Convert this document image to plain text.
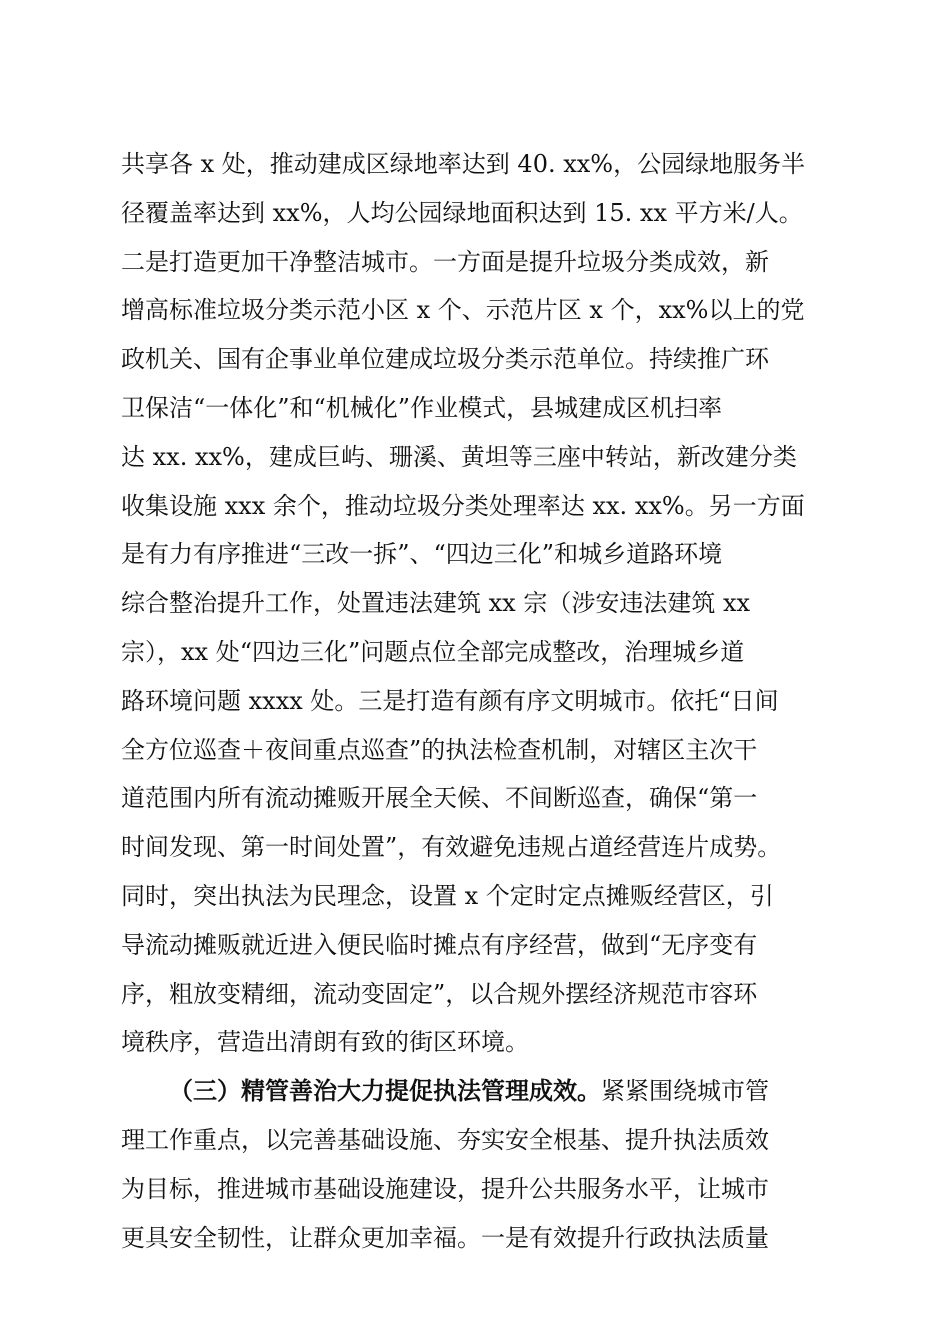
共享各 x 处，推动建成区绿地率达到 40. xx%，公园绿地服务半
径覆盖率达到 xx%，人均公园绿地面积达到 15. xx 平方米/人。
二是打造更加干净整洁城市。一方面是提升垃圾分类成效，新
增高标准垃圾分类示范小区 x 个、示范片区 x 个，xx%以上的党
政机关、国有企事业单位建成垃圾分类示范单位。持续推广环
卫保洁“一体化”和“机械化”作业模式，县城建成区机扫率
达 xx. xx%，建成巨屿、珊溪、黄坦等三座中转站，新改建分类
收集设施 xxx 余个，推动垃圾分类处理率达 xx. xx%。另一方面
是有力有序推进“三改一拆”、“四边三化”和城乡道路环境
综合整治提升工作，处置违法建筑 xx 宗（涉安违法建筑 xx
宗），xx 处“四边三化”问题点位全部完成整改，治理城乡道
路环境问题 xxxx 处。三是打造有颜有序文明城市。依托“日间
全方位巡查＋夜间重点巡查”的执法检查机制，对辖区主次干
道范围内所有流动摊贩开展全天候、不间断巡查，确保“第一
时间发现、第一时间处置”，有效避免违规占道经营连片成势。
同时，突出执法为民理念，设置 x 个定时定点摊贩经营区，引
导流动摊贩就近进入便民临时摊点有序经营，做到“无序变有
序，粗放变精细，流动变固定”，以合规外摆经济规范市容环
境秩序，营造出清朗有致的街区环境。
（三）精管善治大力提促执法管理成效。紧紧围绕城市管
理工作重点，以完善基础设施、夯实安全根基、提升执法质效
为目标，推进城市基础设施建设，提升公共服务水平，让城市
更具安全韧性，让群众更加幸福。一是有效提升行政执法质量
